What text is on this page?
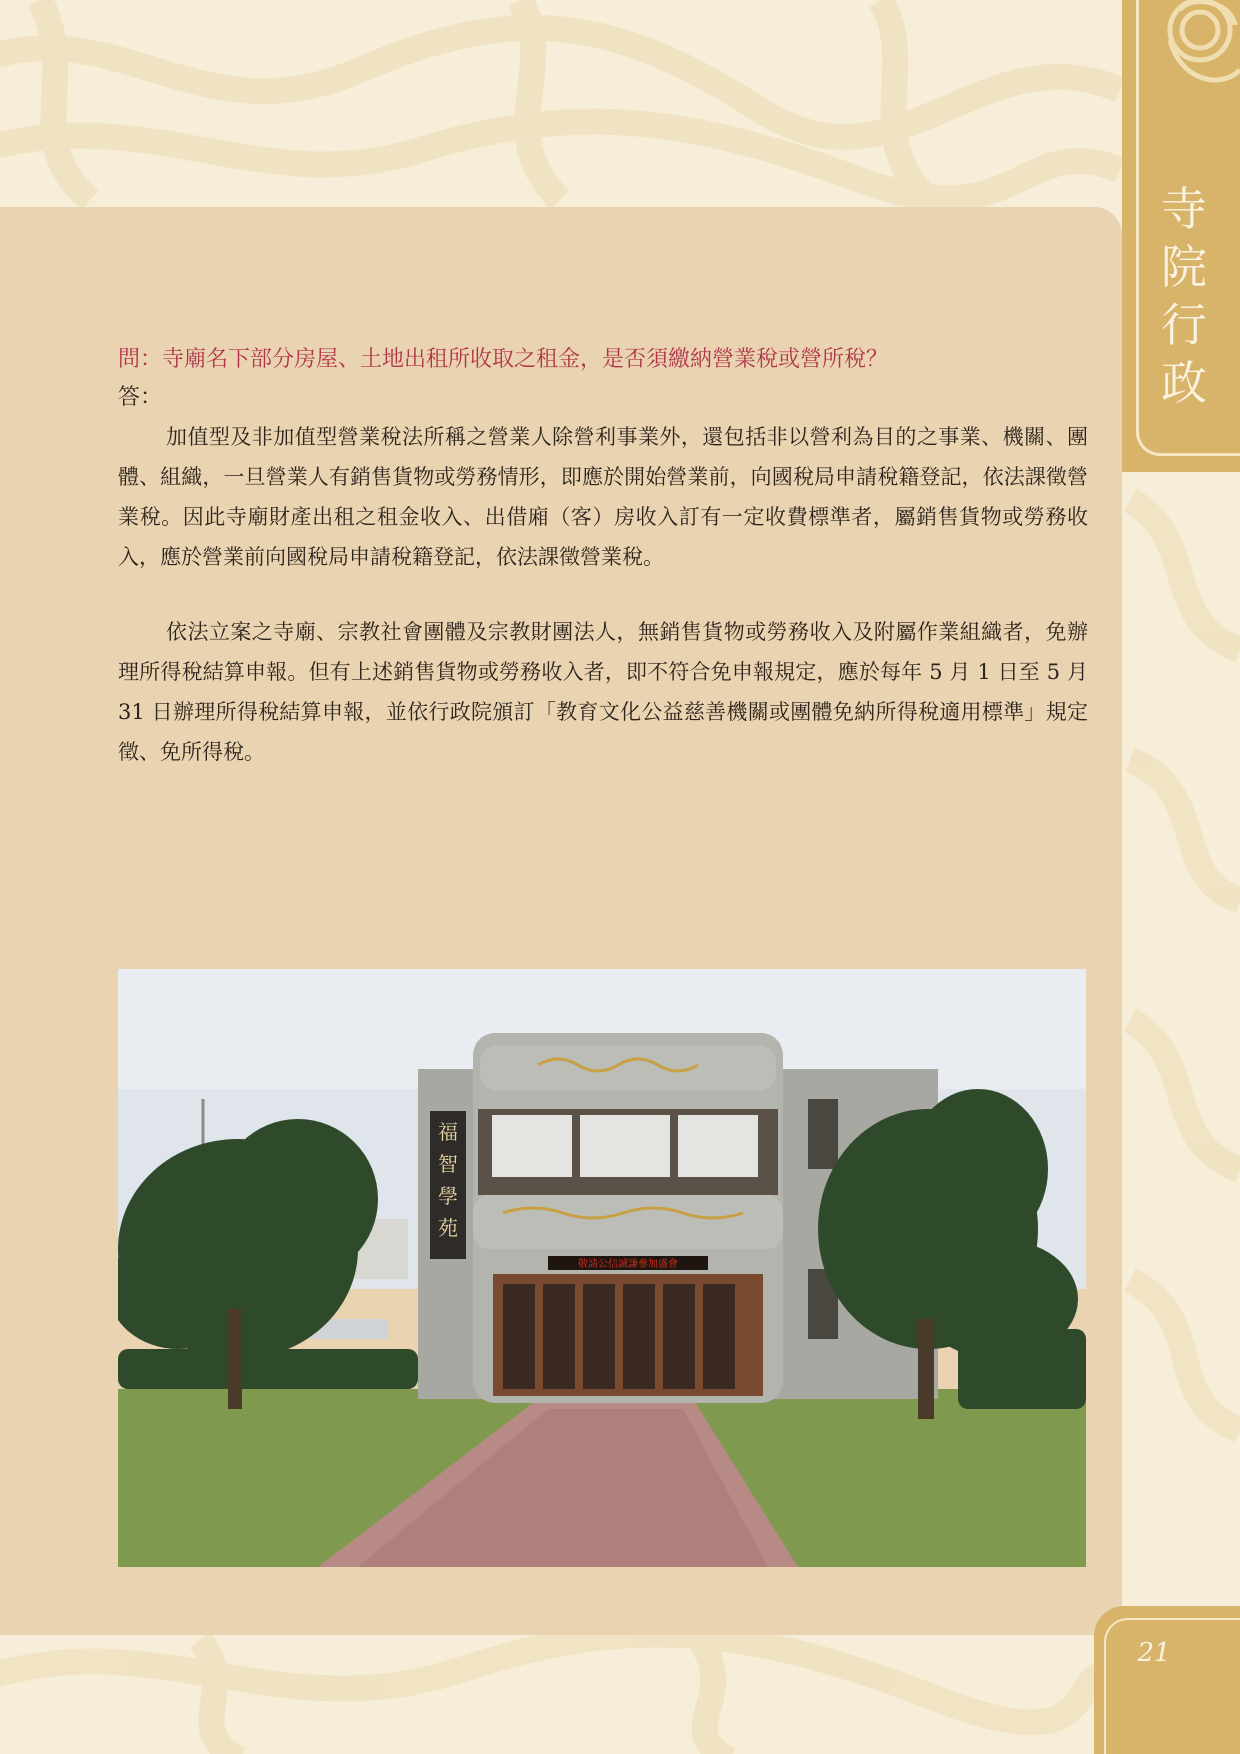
寺
院
行
政
問：寺廟名下部分房屋、土地出租所收取之租金，是否須繳納營業稅或營所稅？
答：

加值型及非加值型營業稅法所稱之營業人除營利事業外，還包括非以營利為目的之事業、機關、團體、組織，一旦營業人有銷售貨物或勞務情形，即應於開始營業前，向國稅局申請稅籍登記，依法課徵營業稅。因此寺廟財產出租之租金收入、出借廂（客）房收入訂有一定收費標準者，屬銷售貨物或勞務收入，應於營業前向國稅局申請稅籍登記，依法課徵營業稅。

依法立案之寺廟、宗教社會團體及宗教財團法人，無銷售貨物或勞務收入及附屬作業組織者，免辦理所得稅結算申報。但有上述銷售貨物或勞務收入者，即不符合免申報規定，應於每年 5 月 1 日至 5 月 31 日辦理所得稅結算申報，並依行政院頒訂「教育文化公益慈善機關或團體免納所得稅適用標準」規定徵、免所得稅。

福
智
學
苑
敬請公信誠謙參加盛會
21
